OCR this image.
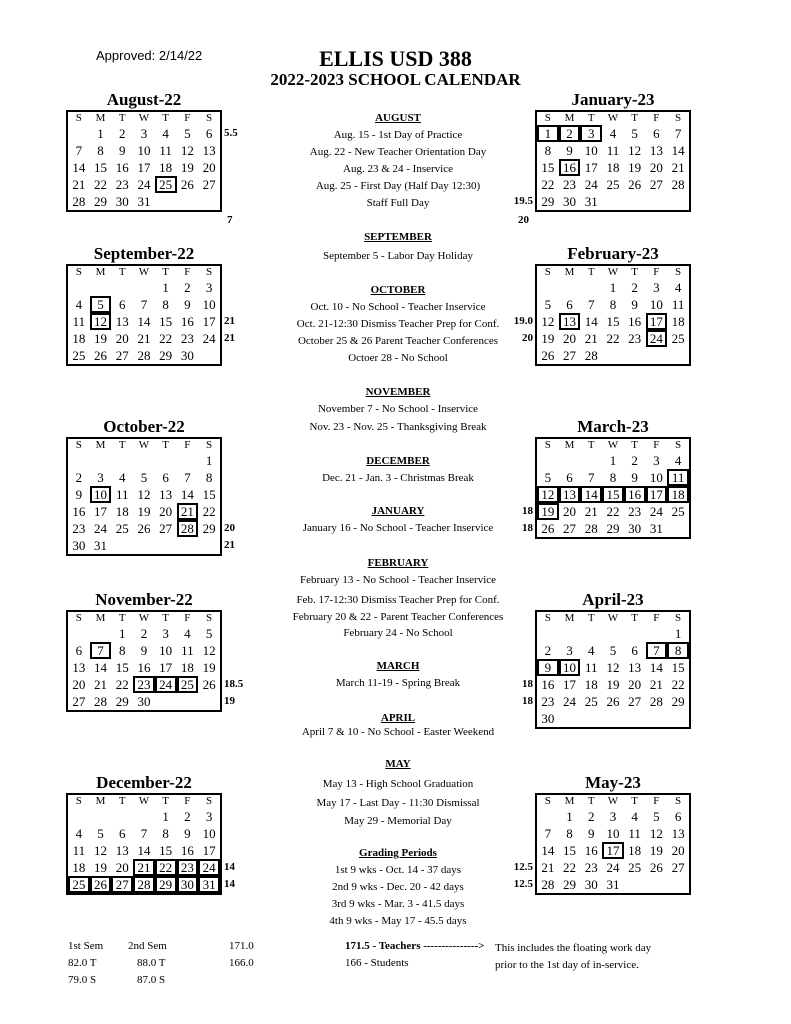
Approved: 2/14/22	ELLIS USD 388
2022-2023 SCHOOL CALENDAR
August-22
S	M	T	W	T	F	S
	1	2	3	4	5	6
7	8	9	10	11	12	13
14	15	16	17	18	19	20
21	22	23	24	25	26	27
28	29	30	31			
5.5
September-22
S	M	T	W	T	F	S
				1	2	3
4	5	6	7	8	9	10
11	12	13	14	15	16	17
18	19	20	21	22	23	24
25	26	27	28	29	30	
21
21
October-22
S	M	T	W	T	F	S
						1
2	3	4	5	6	7	8
9	10	11	12	13	14	15
16	17	18	19	20	21	22
23	24	25	26	27	28	29
30	31					
20
21
November-22
S	M	T	W	T	F	S
		1	2	3	4	5
6	7	8	9	10	11	12
13	14	15	16	17	18	19
20	21	22	23	24	25	26
27	28	29	30			
18.5
19
December-22
S	M	T	W	T	F	S
				1	2	3
4	5	6	7	8	9	10
11	12	13	14	15	16	17
18	19	20	21	22	23	24
25	26	27	28	29	30	31
14
14
January-23
S	M	T	W	T	F	S
1	2	3	4	5	6	7
8	9	10	11	12	13	14
15	16	17	18	19	20	21
22	23	24	25	26	27	28
29	30	31				
19.5
February-23
S	M	T	W	T	F	S
			1	2	3	4
5	6	7	8	9	10	11
12	13	14	15	16	17	18
19	20	21	22	23	24	25
26	27	28				
19.0
20
March-23
S	M	T	W	T	F	S
			1	2	3	4
5	6	7	8	9	10	11
12	13	14	15	16	17	18
19	20	21	22	23	24	25
26	27	28	29	30	31	
18
18
April-23
S	M	T	W	T	F	S
						1
2	3	4	5	6	7	8
9	10	11	12	13	14	15
16	17	18	19	20	21	22
23	24	25	26	27	28	29
30						
18
18
May-23
S	M	T	W	T	F	S
	1	2	3	4	5	6
7	8	9	10	11	12	13
14	15	16	17	18	19	20
21	22	23	24	25	26	27
28	29	30	31			
12.5
12.5
7	20
AUGUST
Aug. 15 - 1st Day of Practice
Aug. 22 - New Teacher Orientation Day
Aug. 23 & 24 - Inservice
Aug. 25 - First Day (Half Day 12:30)
Staff Full Day
SEPTEMBER
September 5 - Labor Day Holiday
OCTOBER
Oct. 10 - No School - Teacher Inservice
Oct. 21-12:30 Dismiss Teacher Prep for Conf.
October 25 & 26 Parent Teacher Conferences
Octoer 28 - No School
NOVEMBER
November 7 - No School - Inservice
Nov. 23 - Nov. 25 - Thanksgiving Break
DECEMBER
Dec. 21 - Jan. 3 - Christmas Break
JANUARY
January 16 - No School - Teacher Inservice
FEBRUARY
February 13 - No School - Teacher Inservice
Feb. 17-12:30 Dismiss Teacher Prep for Conf.
February 20 & 22 - Parent Teacher Conferences
February 24 - No School
MARCH
March 11-19 - Spring Break
APRIL
April 7 & 10 - No School - Easter Weekend
MAY
May 13 - High School Graduation
May 17 - Last Day - 11:30 Dismissal
May 29 - Memorial Day
Grading Periods
1st 9 wks - Oct. 14 - 37 days
2nd 9 wks - Dec. 20 - 42 days
3rd 9 wks - Mar. 3 - 41.5 days
4th 9 wks - May 17 - 45.5 days
1st Sem 2nd Sem	171.0
82.0 T	88.0 T	166.0
79.0 S	87.0 S
171.5 - Teachers --------------->
166 - Students
This includes the floating work day prior to the 1st day of in-service.
